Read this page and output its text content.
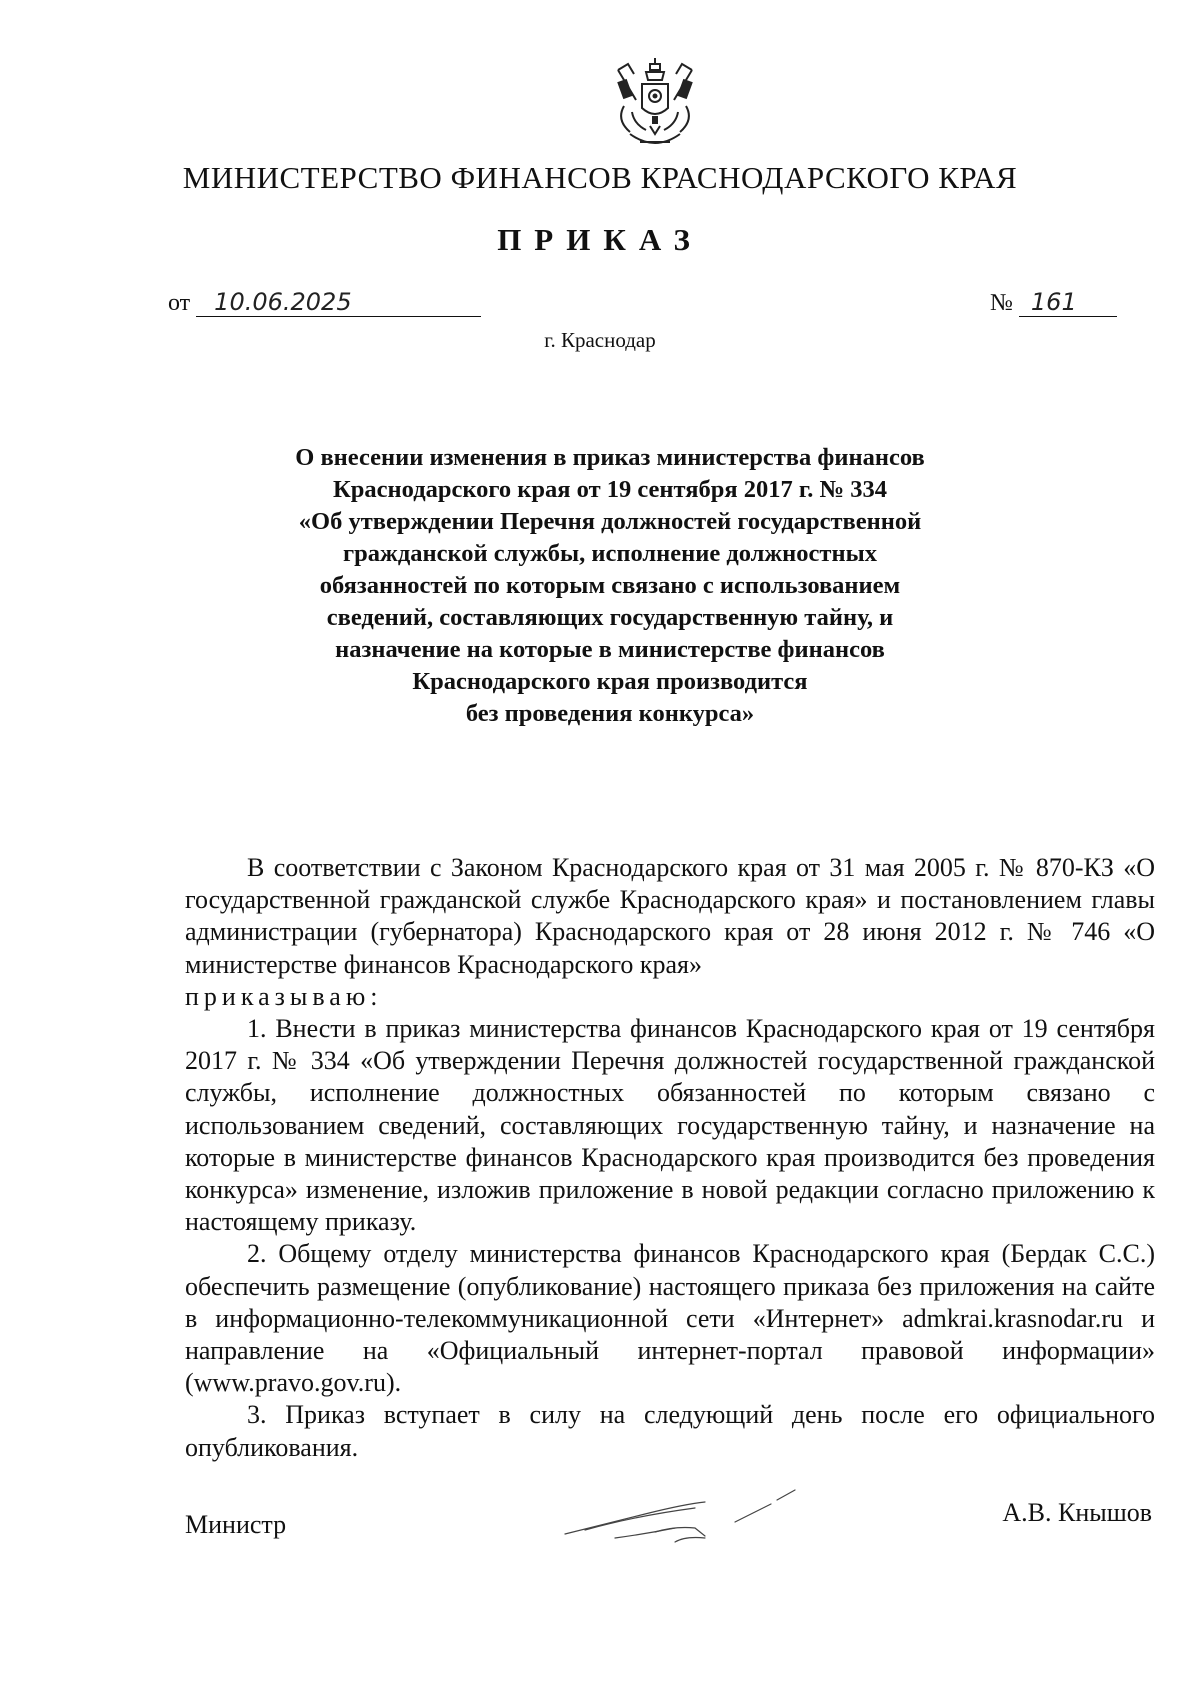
МИНИСТЕРСТВО ФИНАНСОВ КРАСНОДАРСКОГО КРАЯ
ПРИКАЗ
от 10.06.2025	№ 161
г. Краснодар
О внесении изменения в приказ министерства финансов
Краснодарского края от 19 сентября 2017 г. № 334
«Об утверждении Перечня должностей государственной
гражданской службы, исполнение должностных
обязанностей по которым связано с использованием
сведений, составляющих государственную тайну, и
назначение на которые в министерстве финансов
Краснодарского края производится
без проведения конкурса»

В соответствии с Законом Краснодарского края от 31 мая 2005 г. № 870-КЗ «О государственной гражданской службе Краснодарского края» и постановлением главы администрации (губернатора) Краснодарского края от 28 июня 2012 г. № 746 «О министерстве финансов Краснодарского края»

приказываю:

1. Внести в приказ министерства финансов Краснодарского края от 19 сентября 2017 г. № 334 «Об утверждении Перечня должностей государственной гражданской службы, исполнение должностных обязанностей по которым связано с использованием сведений, составляющих государственную тайну, и назначение на которые в министерстве финансов Краснодарского края производится без проведения конкурса» изменение, изложив приложение в новой редакции согласно приложению к настоящему приказу.

2. Общему отделу министерства финансов Краснодарского края (Бердак С.С.) обеспечить размещение (опубликование) настоящего приказа без приложения на сайте в информационно-телекоммуникационной сети «Интернет» admkrai.krasnodar.ru и направление на «Официальный интернет-портал правовой информации» (www.pravo.gov.ru).

3. Приказ вступает в силу на следующий день после его официального опубликования.

Министр	А.В. Кнышов
